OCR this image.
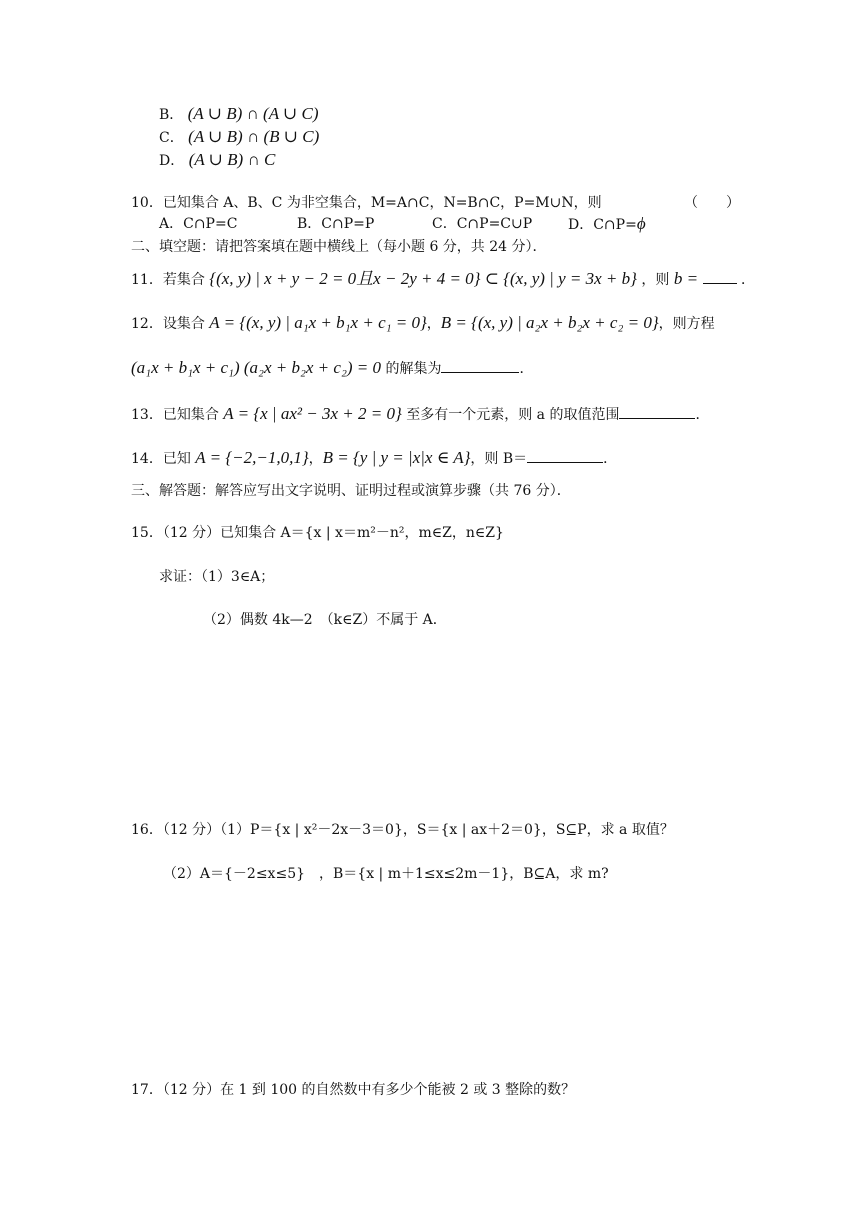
B． (A ∪ B) ∩ (A ∪ C)
C． (A ∪ B) ∩ (B ∪ C)
D． (A ∪ B) ∩ C
10．已知集合 A、B、C 为非空集合，M=A∩C，N=B∩C，P=M∪N，则	（　　）
A．C∩P=C	B．C∩P=P	C．C∩P=C∪P	D．C∩P=ϕ
二、填空题：请把答案填在题中横线上（每小题 6 分，共 24 分）．
11．若集合 {(x, y) | x + y − 2 = 0且x − 2y + 4 = 0} ⊂ {(x, y) | y = 3x + b} ，则 b =	．
12．设集合 A = {(x, y) | a₁x + b₁x + c₁ = 0}，B = {(x, y) | a₂x + b₂x + c₂ = 0}，则方程
(a₁x + b₁x + c₁) (a₂x + b₂x + c₂) = 0 的解集为	．
13．已知集合 A = {x | ax² − 3x + 2 = 0} 至多有一个元素，则 a 的取值范围	．
14．已知 A = {−2,−1,0,1}，B = {y | y = |x|x ∈ A}，则 B＝	．
三、解答题：解答应写出文字说明、证明过程或演算步骤（共 76 分）．
15．（12 分）已知集合 A＝{x | x＝m²－n²，m∈Z，n∈Z}
求证：（1）3∈A；
（2）偶数 4k—2　（k∈Z）不属于 A．
16．（12 分）（1）P＝{x | x²－2x－3＝0}，S＝{x | ax＋2＝0}，S⊆P，求 a 取值？
（2）A＝{－2≤x≤5}　，B＝{x | m＋1≤x≤2m－1}，B⊆A，求 m?
17．（12 分）在 1 到 100 的自然数中有多少个能被 2 或 3 整除的数？
